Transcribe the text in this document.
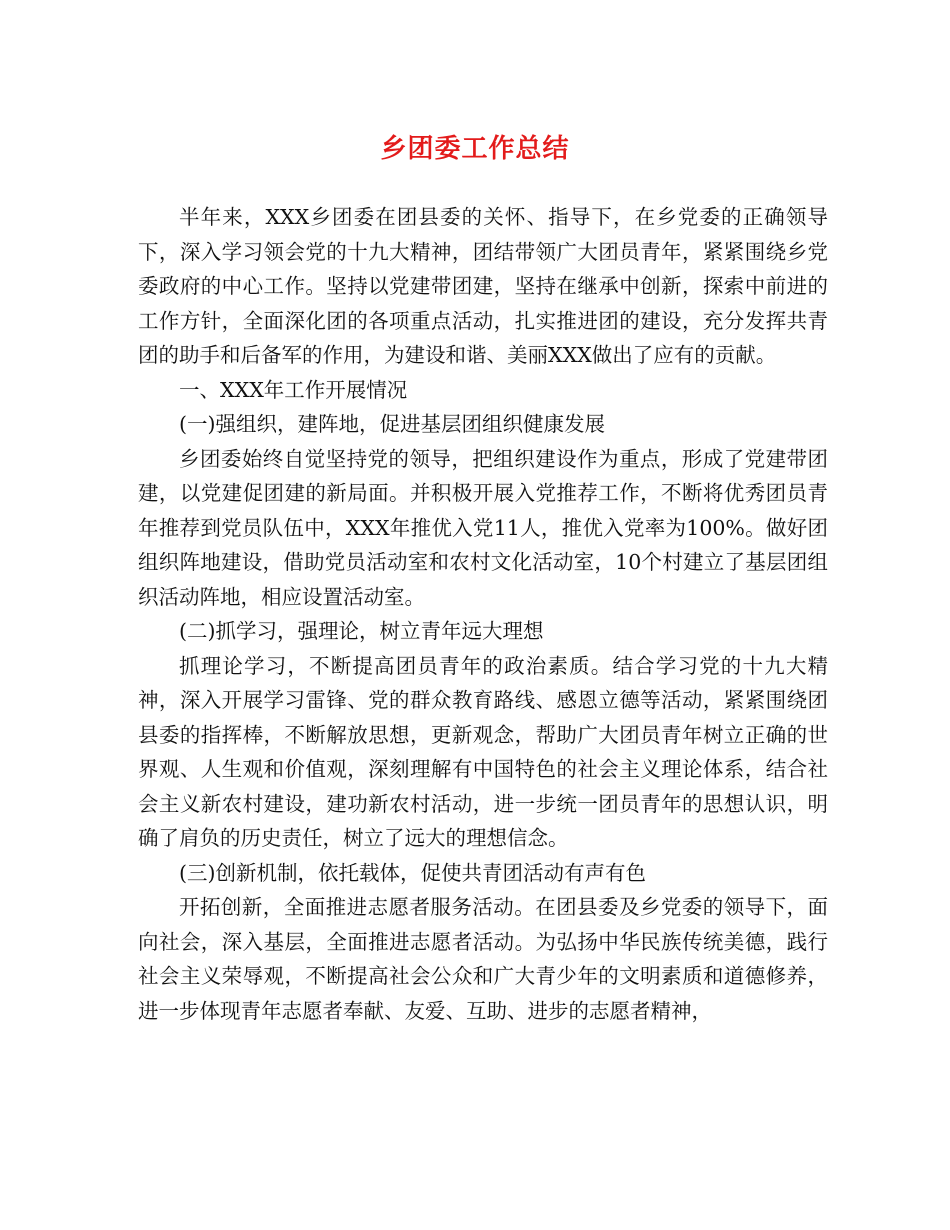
乡团委工作总结

半年来，XXX乡团委在团县委的关怀、指导下，在乡党委的正确领导下，深入学习领会党的十九大精神，团结带领广大团员青年，紧紧围绕乡党委政府的中心工作。坚持以党建带团建，坚持在继承中创新，探索中前进的工作方针，全面深化团的各项重点活动，扎实推进团的建设，充分发挥共青团的助手和后备军的作用，为建设和谐、美丽XXX做出了应有的贡献。

一、XXX年工作开展情况

(一)强组织，建阵地，促进基层团组织健康发展

乡团委始终自觉坚持党的领导，把组织建设作为重点，形成了党建带团建，以党建促团建的新局面。并积极开展入党推荐工作，不断将优秀团员青年推荐到党员队伍中，XXX年推优入党11人，推优入党率为100%。做好团组织阵地建设，借助党员活动室和农村文化活动室，10个村建立了基层团组织活动阵地，相应设置活动室。

(二)抓学习，强理论，树立青年远大理想

抓理论学习，不断提高团员青年的政治素质。结合学习党的十九大精神，深入开展学习雷锋、党的群众教育路线、感恩立德等活动，紧紧围绕团县委的指挥棒，不断解放思想，更新观念，帮助广大团员青年树立正确的世界观、人生观和价值观，深刻理解有中国特色的社会主义理论体系，结合社会主义新农村建设，建功新农村活动，进一步统一团员青年的思想认识，明确了肩负的历史责任，树立了远大的理想信念。

(三)创新机制，依托载体，促使共青团活动有声有色

开拓创新，全面推进志愿者服务活动。在团县委及乡党委的领导下，面向社会，深入基层，全面推进志愿者活动。为弘扬中华民族传统美德，践行社会主义荣辱观，不断提高社会公众和广大青少年的文明素质和道德修养，进一步体现青年志愿者奉献、友爱、互助、进步的志愿者精神，
